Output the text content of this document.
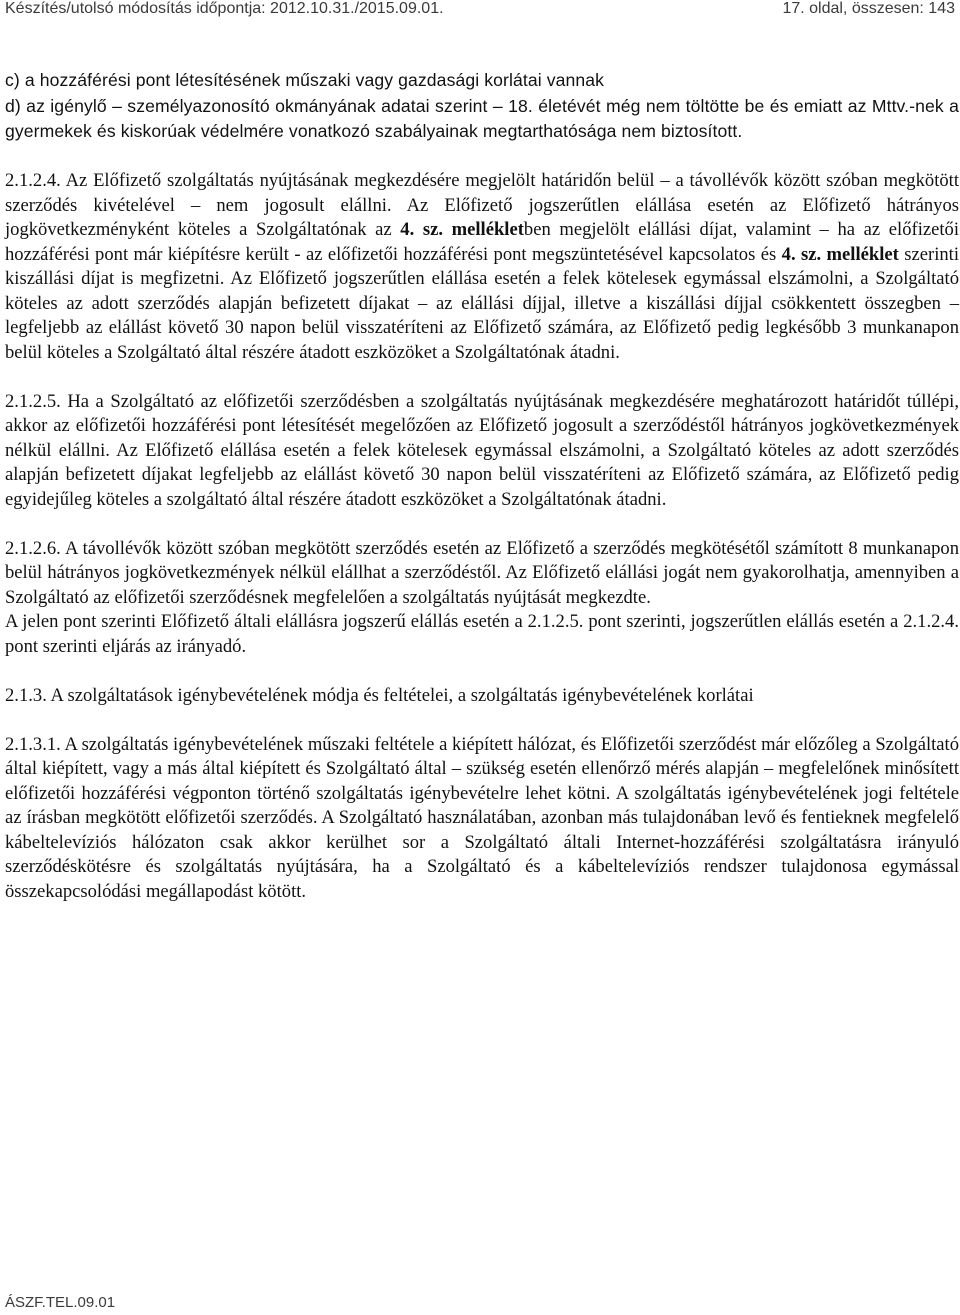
Készítés/utolsó módosítás időpontja: 2012.10.31./2015.09.01.	17. oldal, összesen: 143

c) a hozzáférési pont létesítésének műszaki vagy gazdasági korlátai vannak

d) az igénylő – személyazonosító okmányának adatai szerint – 18. életévét még nem töltötte be és emiatt az Mttv.-nek a gyermekek és kiskorúak védelmére vonatkozó szabályainak megtarthatósága nem biztosított.

2.1.2.4. Az Előfizető szolgáltatás nyújtásának megkezdésére megjelölt határidőn belül – a távollévők között szóban megkötött szerződés kivételével – nem jogosult elállni. Az Előfizető jogszerűtlen elállása esetén az Előfizető hátrányos jogkövetkezményként köteles a Szolgáltatónak az 4. sz. mellékletben megjelölt elállási díjat, valamint – ha az előfizetői hozzáférési pont már kiépítésre került - az előfizetői hozzáférési pont megszüntetésével kapcsolatos és 4. sz. melléklet szerinti kiszállási díjat is megfizetni. Az Előfizető jogszerűtlen elállása esetén a felek kötelesek egymással elszámolni, a Szolgáltató köteles az adott szerződés alapján befizetett díjakat – az elállási díjjal, illetve a kiszállási díjjal csökkentett összegben – legfeljebb az elállást követő 30 napon belül visszatéríteni az Előfizető számára, az Előfizető pedig legkésőbb 3 munkanapon belül köteles a Szolgáltató által részére átadott eszközöket a Szolgáltatónak átadni.

2.1.2.5. Ha a Szolgáltató az előfizetői szerződésben a szolgáltatás nyújtásának megkezdésére meghatározott határidőt túllépi, akkor az előfizetői hozzáférési pont létesítését megelőzően az Előfizető jogosult a szerződéstől hátrányos jogkövetkezmények nélkül elállni. Az Előfizető elállása esetén a felek kötelesek egymással elszámolni, a Szolgáltató köteles az adott szerződés alapján befizetett díjakat legfeljebb az elállást követő 30 napon belül visszatéríteni az Előfizető számára, az Előfizető pedig egyidejűleg köteles a szolgáltató által részére átadott eszközöket a Szolgáltatónak átadni.

2.1.2.6. A távollévők között szóban megkötött szerződés esetén az Előfizető a szerződés megkötésétől számított 8 munkanapon belül hátrányos jogkövetkezmények nélkül elállhat a szerződéstől. Az Előfizető elállási jogát nem gyakorolhatja, amennyiben a Szolgáltató az előfizetői szerződésnek megfelelően a szolgáltatás nyújtását megkezdte.

A jelen pont szerinti Előfizető általi elállásra jogszerű elállás esetén a 2.1.2.5. pont szerinti, jogszerűtlen elállás esetén a 2.1.2.4. pont szerinti eljárás az irányadó.

2.1.3. A szolgáltatások igénybevételének módja és feltételei, a szolgáltatás igénybevételének korlátai

2.1.3.1. A szolgáltatás igénybevételének műszaki feltétele a kiépített hálózat, és Előfizetői szerződést már előzőleg a Szolgáltató által kiépített, vagy a más által kiépített és Szolgáltató által – szükség esetén ellenőrző mérés alapján – megfelelőnek minősített előfizetői hozzáférési végponton történő szolgáltatás igénybevételre lehet kötni. A szolgáltatás igénybevételének jogi feltétele az írásban megkötött előfizetői szerződés. A Szolgáltató használatában, azonban más tulajdonában levő és fentieknek megfelelő kábeltelevíziós hálózaton csak akkor kerülhet sor a Szolgáltató általi Internet-hozzáférési szolgáltatásra irányuló szerződéskötésre és szolgáltatás nyújtására, ha a Szolgáltató és a kábeltelevíziós rendszer tulajdonosa egymással összekapcsolódási megállapodást kötött.

ÁSZF.TEL.09.01
